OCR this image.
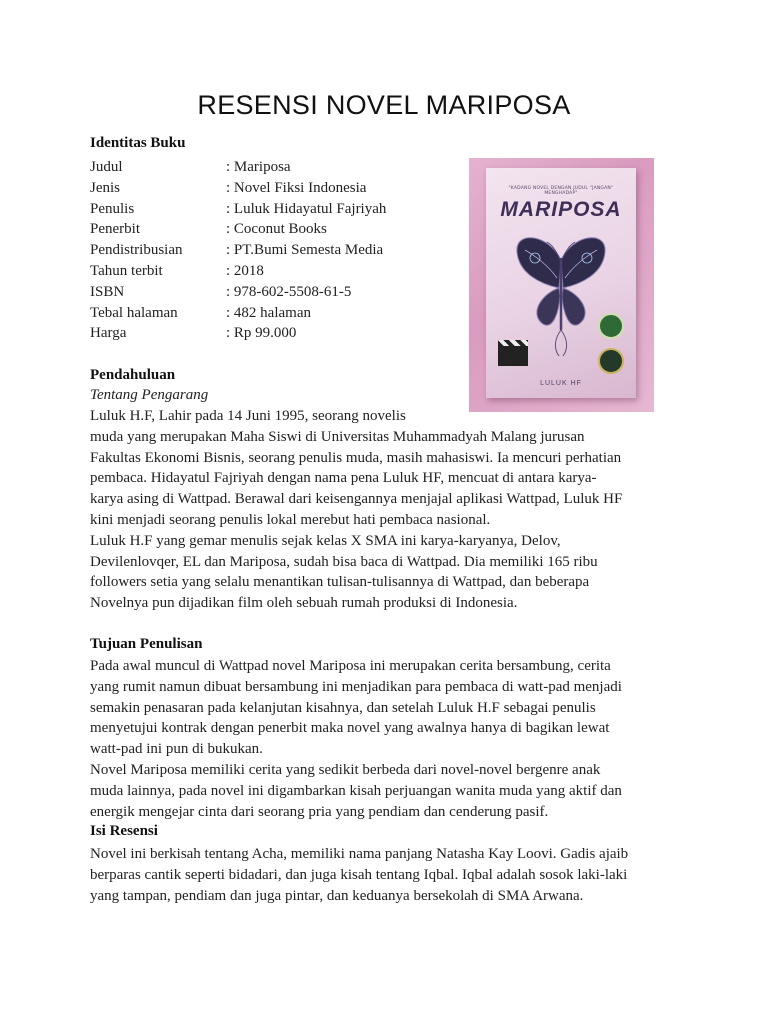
RESENSI NOVEL MARIPOSA
Identitas Buku
Judul	: Mariposa
Jenis	: Novel Fiksi Indonesia
Penulis	: Luluk Hidayatul Fajriyah
Penerbit	: Coconut Books
Pendistribusian	: PT.Bumi Semesta Media
Tahun terbit	: 2018
ISBN	: 978-602-5508-61-5
Tebal halaman	: 482 halaman
Harga	: Rp 99.000
"KADANG NOVEL DENGAN JUDUL “JANGAN” MENGHADAP"
MARIPOSA
LULUK HF
Pendahuluan
Tentang Pengarang
Luluk H.F, Lahir pada 14 Juni 1995, seorang novelis
muda yang merupakan Maha Siswi di Universitas Muhammadyah Malang jurusan
Fakultas Ekonomi Bisnis, seorang penulis muda, masih mahasiswi. Ia mencuri perhatian
pembaca. Hidayatul Fajriyah dengan nama pena Luluk HF, mencuat di antara karya-
karya asing di Wattpad. Berawal dari keisengannya menjajal aplikasi Wattpad, Luluk HF
kini menjadi seorang penulis lokal merebut hati pembaca nasional.
Luluk H.F yang gemar menulis sejak kelas X SMA ini karya-karyanya, Delov,
Devilenlovqer, EL dan Mariposa, sudah bisa baca di Wattpad. Dia memiliki 165 ribu
followers setia yang selalu menantikan tulisan-tulisannya di Wattpad, dan beberapa
Novelnya pun dijadikan film oleh sebuah rumah produksi di Indonesia.
Tujuan Penulisan
Pada awal muncul di Wattpad novel Mariposa ini merupakan cerita bersambung, cerita
yang rumit namun dibuat bersambung ini menjadikan para pembaca di watt-pad menjadi
semakin penasaran pada kelanjutan kisahnya, dan setelah Luluk H.F sebagai penulis
menyetujui kontrak dengan penerbit maka novel yang awalnya hanya di bagikan lewat
watt-pad ini pun di bukukan.
Novel Mariposa memiliki cerita yang sedikit berbeda dari novel-novel bergenre anak
muda lainnya, pada novel ini digambarkan kisah perjuangan wanita muda yang aktif dan
energik mengejar cinta dari seorang pria yang pendiam dan cenderung pasif.
Isi Resensi
Novel ini berkisah tentang Acha, memiliki nama panjang Natasha Kay Loovi. Gadis ajaib
berparas cantik seperti bidadari, dan juga kisah tentang Iqbal. Iqbal adalah sosok laki-laki
yang tampan, pendiam dan juga pintar, dan keduanya bersekolah di SMA Arwana.
